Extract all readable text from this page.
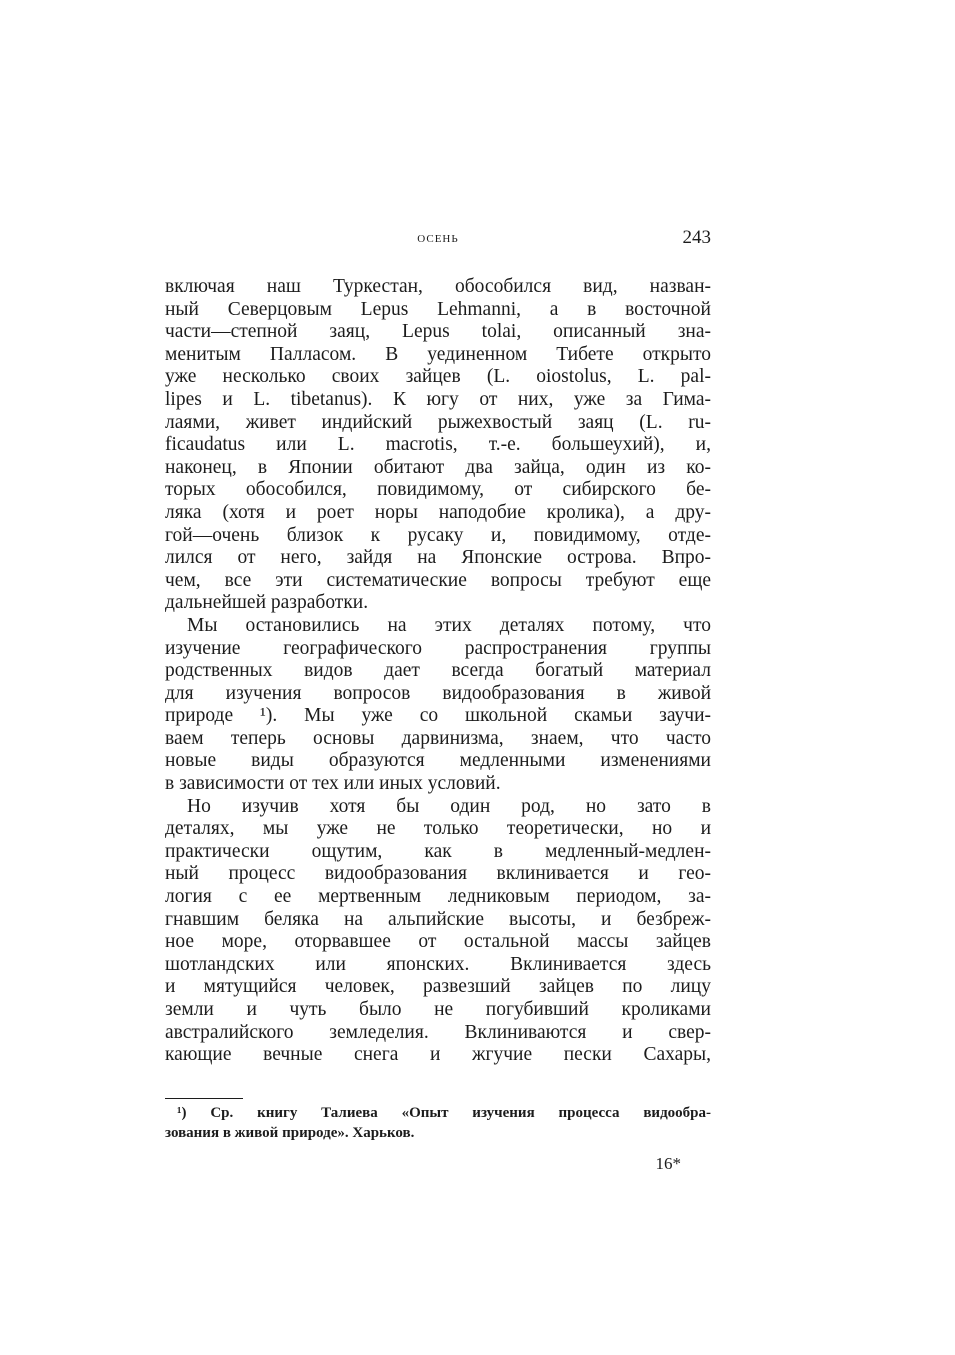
осень	243
включая наш Туркестан, обособился вид, назван-
ный Северцовым Lepus Lehmanni, а в восточной
части—степной заяц, Lepus tolai, описанный зна-
менитым Палласом. В уединенном Тибете открыто
уже несколько своих зайцев (L. oiostolus, L. pal-
lipes и L. tibetanus). К югу от них, уже за Гима-
лаями, живет индийский рыжехвостый заяц (L. ru-
ficaudatus или L. macrotis, т.-е. большеухий), и,
наконец, в Японии обитают два зайца, один из ко-
торых обособился, повидимому, от сибирского бе-
ляка (хотя и роет норы наподобие кролика), а дру-
гой—очень близок к русаку и, повидимому, отде-
лился от него, зайдя на Японские острова. Впро-
чем, все эти систематические вопросы требуют еще
дальнейшей разработки.
Мы остановились на этих деталях потому, что
изучение географического распространения группы
родственных видов дает всегда богатый материал
для изучения вопросов видообразования в живой
природе ¹). Мы уже со школьной скамьи заучи-
ваем теперь основы дарвинизма, знаем, что часто
новые виды образуются медленными изменениями
в зависимости от тех или иных условий.
Но изучив хотя бы один род, но зато в
деталях, мы уже не только теоретически, но и
практически ощутим, как в медленный-медлен-
ный процесс видообразования вклинивается и гео-
логия с ее мертвенным ледниковым периодом, за-
гнавшим беляка на альпийские высоты, и безбреж-
ное море, оторвавшее от остальной массы зайцев
шотландских или японских. Вклинивается здесь
и мятущийся человек, развезший зайцев по лицу
земли и чуть было не погубивший кроликами
австралийского земледелия. Вклиниваются и свер-
кающие вечные снега и жгучие пески Сахары,
¹) Ср. книгу Талиева «Опыт изучения процесса видообра-
зования в живой природе». Харьков.
16*
